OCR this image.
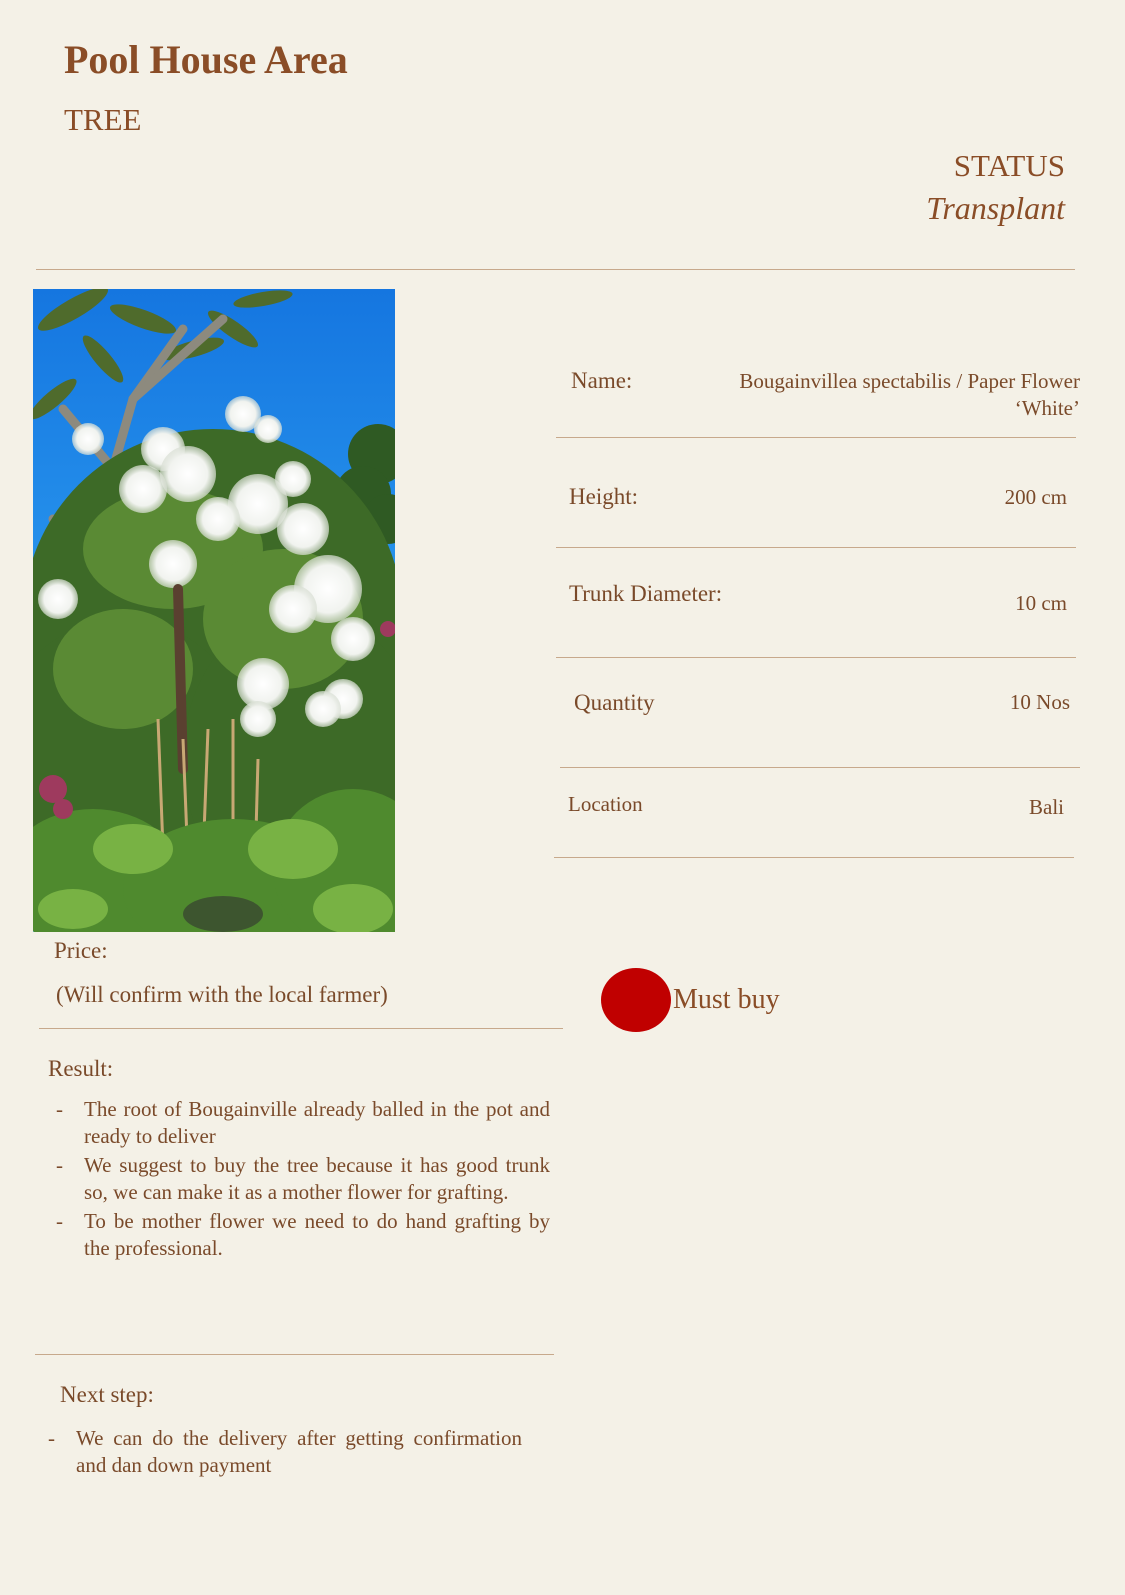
Pool House Area
TREE
STATUS
Transplant
Name:	Bougainvillea spectabilis / Paper Flower
‘White’
Height:	200 cm
Trunk Diameter:	10 cm
Quantity	10 Nos
Location	Bali
Price:
(Will confirm with the local farmer)	Must buy
Result:
- The root of Bougainville already balled in the pot and ready to deliver
- We suggest to buy the tree because it has good trunk so, we can make it as a mother flower for grafting.
- To be mother flower we need to do hand grafting by the professional.
Next step:
- We can do the delivery after getting confirmation and dan down payment
